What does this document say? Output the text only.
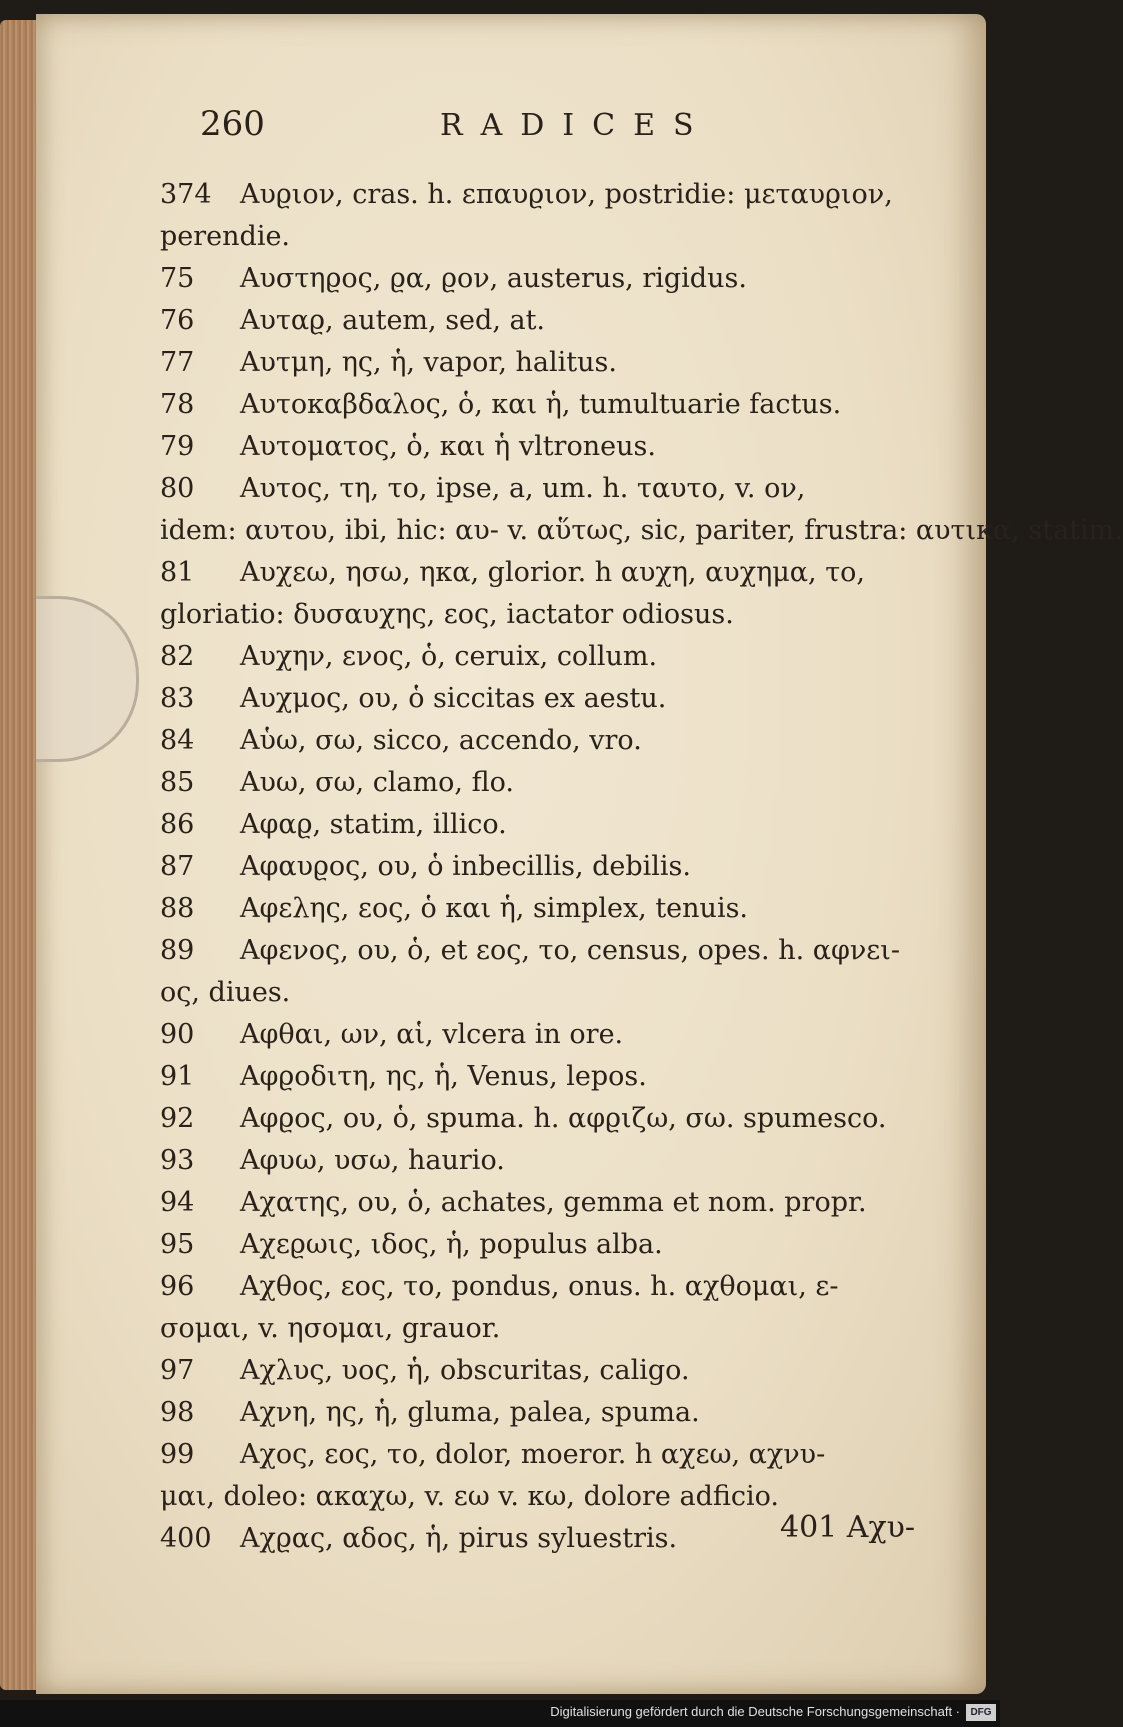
260	RADICES
374 Αυϱιον, cras. h. επαυϱιον, postridie: μεταυϱιον,
perendie.
75 Αυστηϱος, ϱα, ϱον, austerus, rigidus.
76 Αυταϱ, autem, sed, at.
77 Αυτμη, ης, ἡ, vapor, halitus.
78 Αυτοκαβδαλος, ὁ, και ἡ, tumultuarie factus.
79 Αυτοματος, ὁ, και ἡ vltroneus.
80 Αυτος, τη, το, ipse, a, um. h. ταυτο, v. ον,
idem: αυτου, ibi, hic: αυ- v. αὕτως, sic, pariter, frustra: αυτικα, statim.
81 Αυχεω, ησω, ηκα, glorior. h αυχη, αυχημα, το,
gloriatio: δυσαυχης, εος, iactator odiosus.
82 Αυχην, ενος, ὁ, ceruix, collum.
83 Αυχμος, ου, ὁ siccitas ex aestu.
84 Αὑω, σω, sicco, accendo, vro.
85 Αυω, σω, clamo, flo.
86 Αφαϱ, statim, illico.
87 Αφαυϱος, ου, ὁ inbecillis, debilis.
88 Αφελης, εος, ὁ και ἡ, simplex, tenuis.
89 Αφενος, ου, ὁ, et εος, το, census, opes. h. αφνει-
ος, diues.
90 Αφθαι, ων, αἱ, vlcera in ore.
91 Αφϱοδιτη, ης, ἡ, Venus, lepos.
92 Αφϱος, ου, ὁ, spuma. h. αφϱιζω, σω. spumesco.
93 Αφυω, υσω, haurio.
94 Αχατης, ου, ὁ, achates, gemma et nom. propr.
95 Αχεϱωις, ιδος, ἡ, populus alba.
96 Αχθος, εος, το, pondus, onus. h. αχθομαι, ε-
σομαι, v. ησομαι, grauor.
97 Αχλυς, υος, ἡ, obscuritas, caligo.
98 Αχνη, ης, ἡ, gluma, palea, spuma.
99 Αχος, εος, το, dolor, moeror. h αχεω, αχνυ-
μαι, doleo: ακαχω, v. εω v. κω, dolore adficio.
400 Αχϱας, αδος, ἡ, pirus syluestris.	401 Αχυ-
Digitalisierung gefördert durch die Deutsche Forschungsgemeinschaft ·	DFG
